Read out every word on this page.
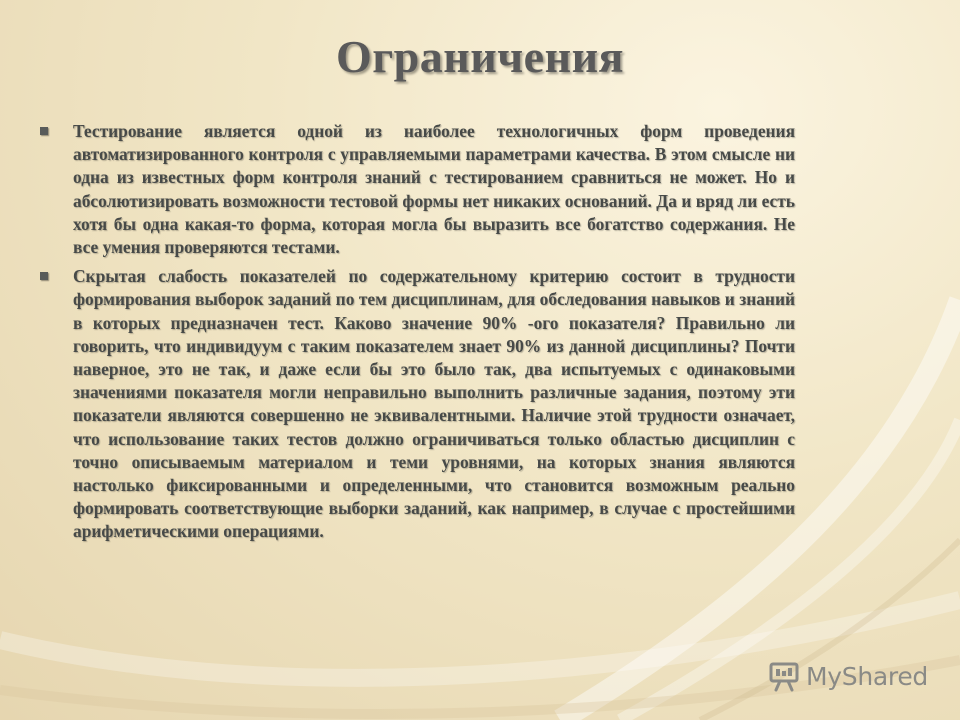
Ограничения
Тестирование является одной из наиболее технологичных форм проведения автоматизированного контроля с управляемыми параметрами качества. В этом смысле ни одна из известных форм контроля знаний с тестированием сравниться не может. Но и абсолютизировать возможности тестовой формы нет никаких оснований. Да и вряд ли есть хотя бы одна какая-то форма, которая могла бы выразить все богатство содержания. Не все умения проверяются тестами.
Скрытая слабость показателей по содержательному критерию состоит в трудности формирования выборок заданий по тем дисциплинам, для обследования навыков и знаний в которых предназначен тест. Каково значение 90% -ого показателя? Правильно ли говорить, что индивидуум с таким показателем знает 90% из данной дисциплины? Почти наверное, это не так, и даже если бы это было так, два испытуемых с одинаковыми значениями показателя могли неправильно выполнить различные задания, поэтому эти показатели являются совершенно не эквивалентными. Наличие этой трудности означает, что использование таких тестов должно ограничиваться только областью дисциплин с точно описываемым материалом и теми уровнями, на которых знания являются настолько фиксированными и определенными, что становится возможным реально формировать соответствующие выборки заданий, как например, в случае с простейшими арифметическими операциями.
MyShared
